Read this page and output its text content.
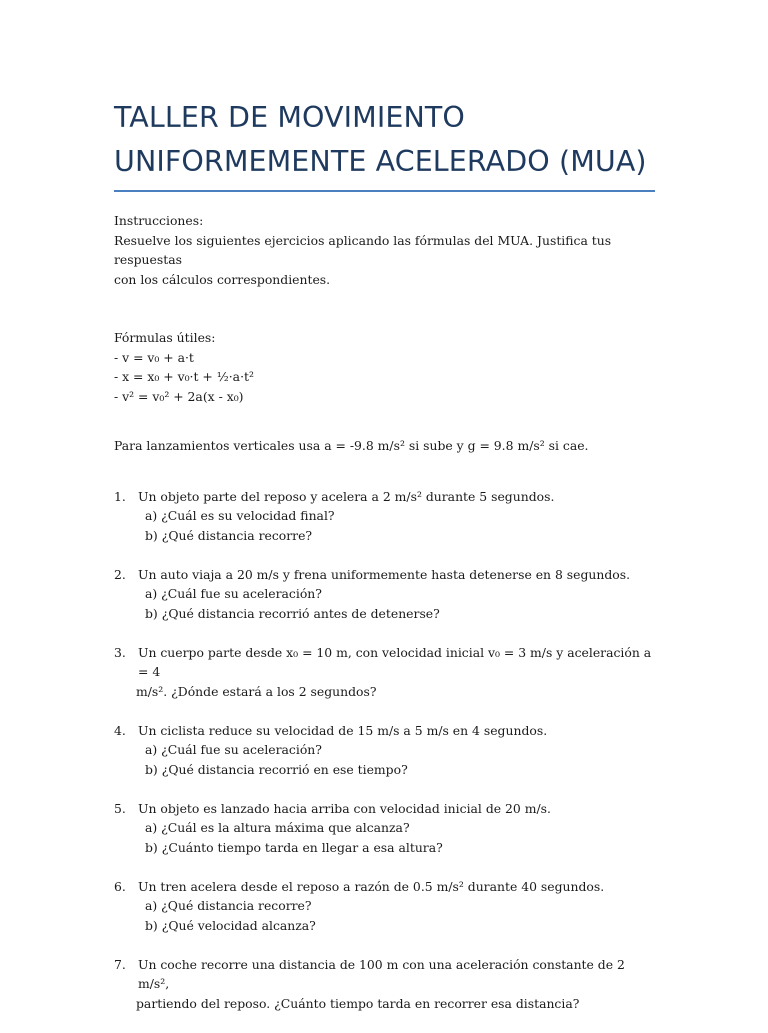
TALLER DE MOVIMIENTO
UNIFORMEMENTE ACELERADO (MUA)
Instrucciones:
Resuelve los siguientes ejercicios aplicando las fórmulas del MUA. Justifica tus respuestas
con los cálculos correspondientes.
Fórmulas útiles:
- v = v₀ + a·t
- x = x₀ + v₀·t + ½·a·t²
- v² = v₀² + 2a(x - x₀)
Para lanzamientos verticales usa a = -9.8 m/s² si sube y g = 9.8 m/s² si cae.
1. Un objeto parte del reposo y acelera a 2 m/s² durante 5 segundos.
a) ¿Cuál es su velocidad final?
b) ¿Qué distancia recorre?
2. Un auto viaja a 20 m/s y frena uniformemente hasta detenerse en 8 segundos.
a) ¿Cuál fue su aceleración?
b) ¿Qué distancia recorrió antes de detenerse?
3. Un cuerpo parte desde x₀ = 10 m, con velocidad inicial v₀ = 3 m/s y aceleración a = 4
m/s². ¿Dónde estará a los 2 segundos?
4. Un ciclista reduce su velocidad de 15 m/s a 5 m/s en 4 segundos.
a) ¿Cuál fue su aceleración?
b) ¿Qué distancia recorrió en ese tiempo?
5. Un objeto es lanzado hacia arriba con velocidad inicial de 20 m/s.
a) ¿Cuál es la altura máxima que alcanza?
b) ¿Cuánto tiempo tarda en llegar a esa altura?
6. Un tren acelera desde el reposo a razón de 0.5 m/s² durante 40 segundos.
a) ¿Qué distancia recorre?
b) ¿Qué velocidad alcanza?
7. Un coche recorre una distancia de 100 m con una aceleración constante de 2 m/s²,
partiendo del reposo. ¿Cuánto tiempo tarda en recorrer esa distancia?
